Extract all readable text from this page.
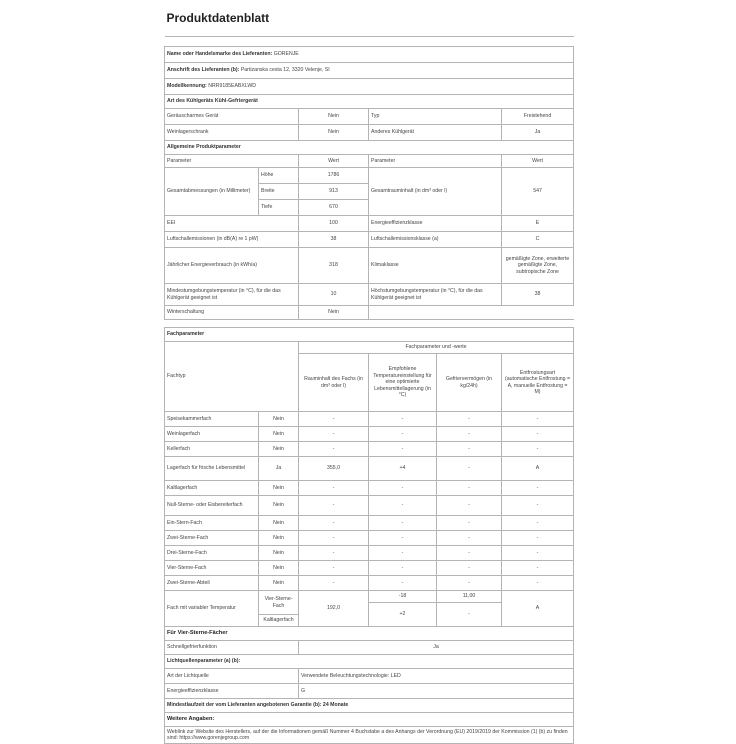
Produktdatenblatt					

Name oder Handelsmarke des Lieferanten: GORENJE					
Anschrift des Lieferanten (b): Partizanska cesta 12, 3320 Velenje, SI					
Modellkennung: NRR9185EABXLWD					
Art des Kühlgeräts Kühl-Gefriergerät					
Geräuscharmes Gerät		Nein	Typ		Freistehend
Weinlagerschrank		Nein	Anderes Kühlgerät		Ja
Allgemeine Produktparameter					
Parameter		Wert	Parameter		Wert
Gesamtabmessungen (in Millimeter)	Höhe	1786	Gesamtrauminhalt (in dm³ oder l)		547
	Breite	913			
	Tiefe	670			
EEI		100	Energieeffizienzklasse		E
Luftschallemissionen (in dB(A) re 1 pW)		38	Luftschallemissionsklasse (a)		C
Jährlicher Energieverbrauch (in kWh/a)		318	Klimaklasse		gemäßigte Zone, erweiterte gemäßigte Zone, subtropische Zone
Mindestumgebungstemperatur (in °C), für die das Kühlgerät geeignet ist		10	Höchstumgebungstemperatur (in °C), für die das Kühlgerät geeignet ist		38
Winterschaltung		Nein			

Fachparameter					
Fachtyp		Fachparameter und -werte			
		Rauminhalt des Fachs (in dm³ oder l)	Empfohlene Temperatureinstellung für eine optimierte Lebensmittellagerung (in °C)	Gefriervermögen (in kg/24h)	Entfrostungsart (automatische Entfrostung = A, manuelle Entfrostung = M)
Speisekammerfach	Nein	-	-	-	-
Weinlagerfach	Nein	-	-	-	-
Kellerfach	Nein	-	-	-	-
Lagerfach für frische Lebensmittel	Ja	355,0	+4	-	A
Kaltlagerfach	Nein	-	-	-	-
Null-Sterne- oder Eisbereiterfach	Nein	-	-	-	-
Ein-Stern-Fach	Nein	-	-	-	-
Zwei-Sterne-Fach	Nein	-	-	-	-
Drei-Sterne-Fach	Nein	-	-	-	-
Vier-Sterne-Fach	Nein	-	-	-	-
Zwei-Sterne-Abteil	Nein	-	-	-	-
Fach mit variabler Temperatur	Vier-Sterne-Fach	192,0	-18	11,00	A
			+2	-	
	Kaltlagerfach				
Für Vier-Sterne-Fächer					
Schnellgefrierfunktion		Ja			
Lichtquellenparameter (a) (b):					
Art der Lichtquelle		Verwendete Beleuchtungstechnologie: LED			
Energieeffizienzklasse		G			
Mindestlaufzeit der vom Lieferanten angebotenen Garantie (b): 24 Monate					
Weitere Angaben:					
Weblink zur Website des Herstellers, auf der die Informationen gemäß Nummer 4 Buchstabe a des Anhangs der Verordnung (EU) 2019/2019 der Kommission (1) (b) zu finden sind: https://www.gorenjegroup.com					
